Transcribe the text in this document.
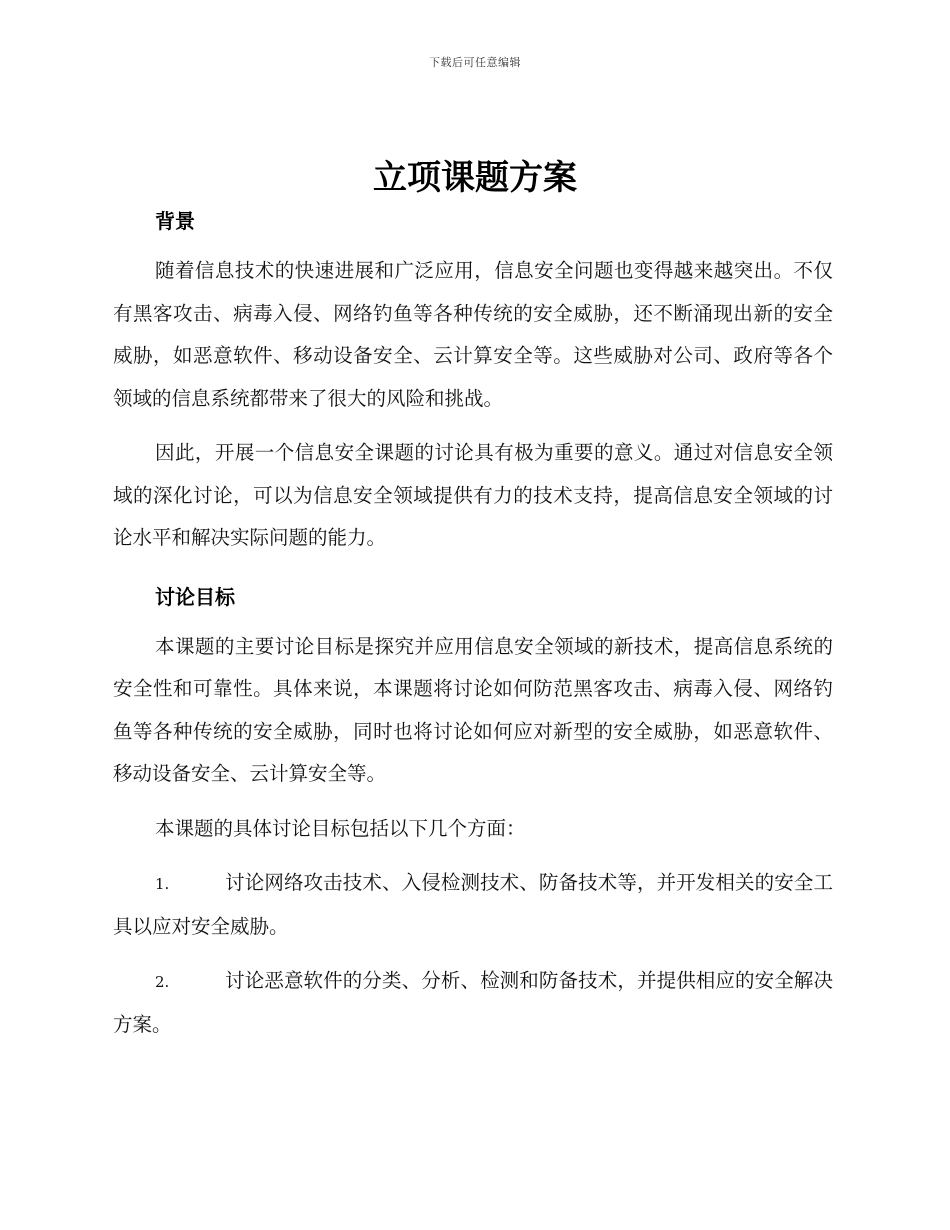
下载后可任意编辑
立项课题方案
背景

随着信息技术的快速进展和广泛应用，信息安全问题也变得越来越突出。不仅有黑客攻击、病毒入侵、网络钓鱼等各种传统的安全威胁，还不断涌现出新的安全威胁，如恶意软件、移动设备安全、云计算安全等。这些威胁对公司、政府等各个领域的信息系统都带来了很大的风险和挑战。

因此，开展一个信息安全课题的讨论具有极为重要的意义。通过对信息安全领域的深化讨论，可以为信息安全领域提供有力的技术支持，提高信息安全领域的讨论水平和解决实际问题的能力。

讨论目标

本课题的主要讨论目标是探究并应用信息安全领域的新技术，提高信息系统的安全性和可靠性。具体来说，本课题将讨论如何防范黑客攻击、病毒入侵、网络钓鱼等各种传统的安全威胁，同时也将讨论如何应对新型的安全威胁，如恶意软件、移动设备安全、云计算安全等。

本课题的具体讨论目标包括以下几个方面：

1.	讨论网络攻击技术、入侵检测技术、防备技术等，并开发相关的安全工具以应对安全威胁。

2.	讨论恶意软件的分类、分析、检测和防备技术，并提供相应的安全解决方案。
